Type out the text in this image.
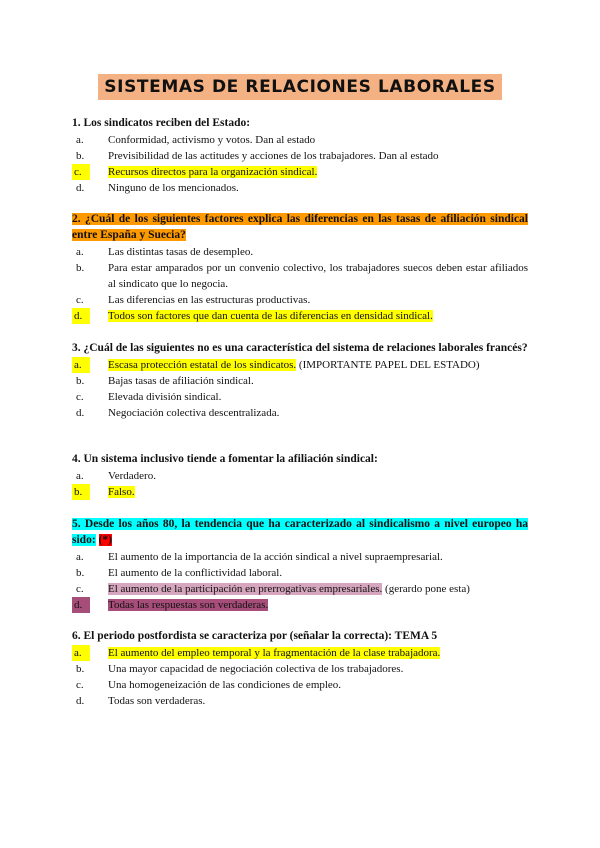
SISTEMAS DE RELACIONES LABORALES

1. Los sindicatos reciben del Estado:

a.	Conformidad, activismo y votos. Dan al estado
b.	Previsibilidad de las actitudes y acciones de los trabajadores. Dan al estado
c.	Recursos directos para la organización sindical.
d.	Ninguno de los mencionados.

2. ¿Cuál de los siguientes factores explica las diferencias en las tasas de afiliación sindical entre España y Suecia?

a.	Las distintas tasas de desempleo.
b.	Para estar amparados por un convenio colectivo, los trabajadores suecos deben estar afiliados al sindicato que lo negocia.
c.	Las diferencias en las estructuras productivas.
d.	Todos son factores que dan cuenta de las diferencias en densidad sindical.

3. ¿Cuál de las siguientes no es una característica del sistema de relaciones laborales francés?

a.	Escasa protección estatal de los sindicatos. (IMPORTANTE PAPEL DEL ESTADO)
b.	Bajas tasas de afiliación sindical.
c.	Elevada división sindical.
d.	Negociación colectiva descentralizada.

4. Un sistema inclusivo tiende a fomentar la afiliación sindical:

a.	Verdadero.
b.	Falso.

5. Desde los años 80, la tendencia que ha caracterizado al sindicalismo a nivel europeo ha sido: (*)

a.	El aumento de la importancia de la acción sindical a nivel supraempresarial.
b.	El aumento de la conflictividad laboral.
c.	El aumento de la participación en prerrogativas empresariales. (gerardo pone esta)
d.	Todas las respuestas son verdaderas.

6. El periodo postfordista se caracteriza por (señalar la correcta): TEMA 5

a.	El aumento del empleo temporal y la fragmentación de la clase trabajadora.
b.	Una mayor capacidad de negociación colectiva de los trabajadores.
c.	Una homogeneización de las condiciones de empleo.
d.	Todas son verdaderas.
